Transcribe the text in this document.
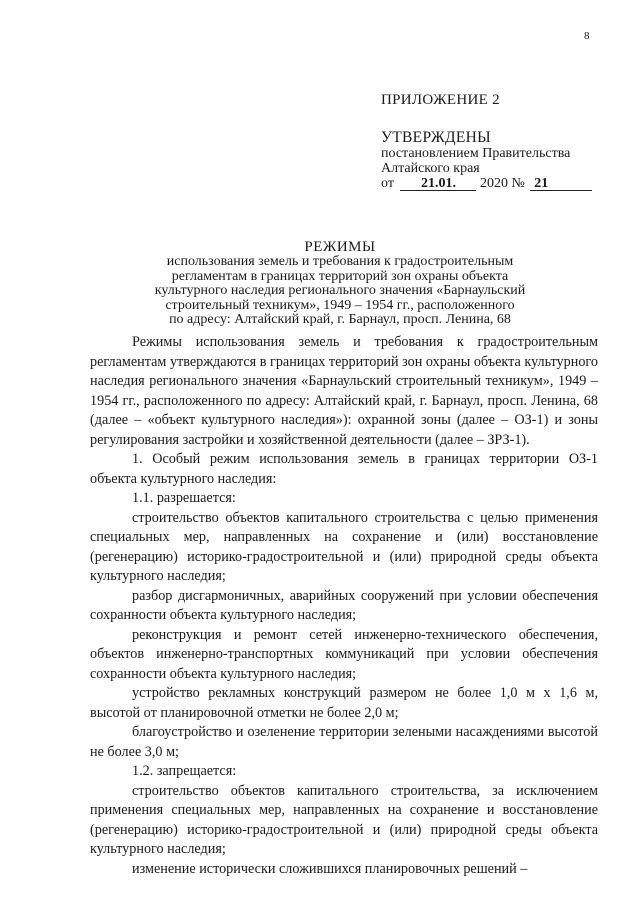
8
ПРИЛОЖЕНИЕ 2
УТВЕРЖДЕНЫ
постановлением Правительства
Алтайского края
от 21.01. 2020 № 21
РЕЖИМЫ
использования земель и требования к градостроительным
регламентам в границах территорий зон охраны объекта
культурного наследия регионального значения «Барнаульский
строительный техникум», 1949 – 1954 гг., расположенного
по адресу: Алтайский край, г. Барнаул, просп. Ленина, 68

Режимы использования земель и требования к градостроительным регламентам утверждаются в границах территорий зон охраны объекта культурного наследия регионального значения «Барнаульский строительный техникум», 1949 – 1954 гг., расположенного по адресу: Алтайский край, г. Барнаул, просп. Ленина, 68 (далее – «объект культурного наследия»): охранной зоны (далее – ОЗ-1) и зоны регулирования застройки и хозяйственной деятельности (далее – ЗРЗ-1).

1. Особый режим использования земель в границах территории ОЗ-1 объекта культурного наследия:

1.1. разрешается:

строительство объектов капитального строительства с целью применения специальных мер, направленных на сохранение и (или) восстановление (регенерацию) историко-градостроительной и (или) природной среды объекта культурного наследия;

разбор дисгармоничных, аварийных сооружений при условии обеспечения сохранности объекта культурного наследия;

реконструкция и ремонт сетей инженерно-технического обеспечения, объектов инженерно-транспортных коммуникаций при условии обеспечения сохранности объекта культурного наследия;

устройство рекламных конструкций размером не более 1,0 м х 1,6 м, высотой от планировочной отметки не более 2,0 м;

благоустройство и озеленение территории зелеными насаждениями высотой не более 3,0 м;

1.2. запрещается:

строительство объектов капитального строительства, за исключением применения специальных мер, направленных на сохранение и восстановление (регенерацию) историко-градостроительной и (или) природной среды объекта культурного наследия;

изменение исторически сложившихся планировочных решений –
